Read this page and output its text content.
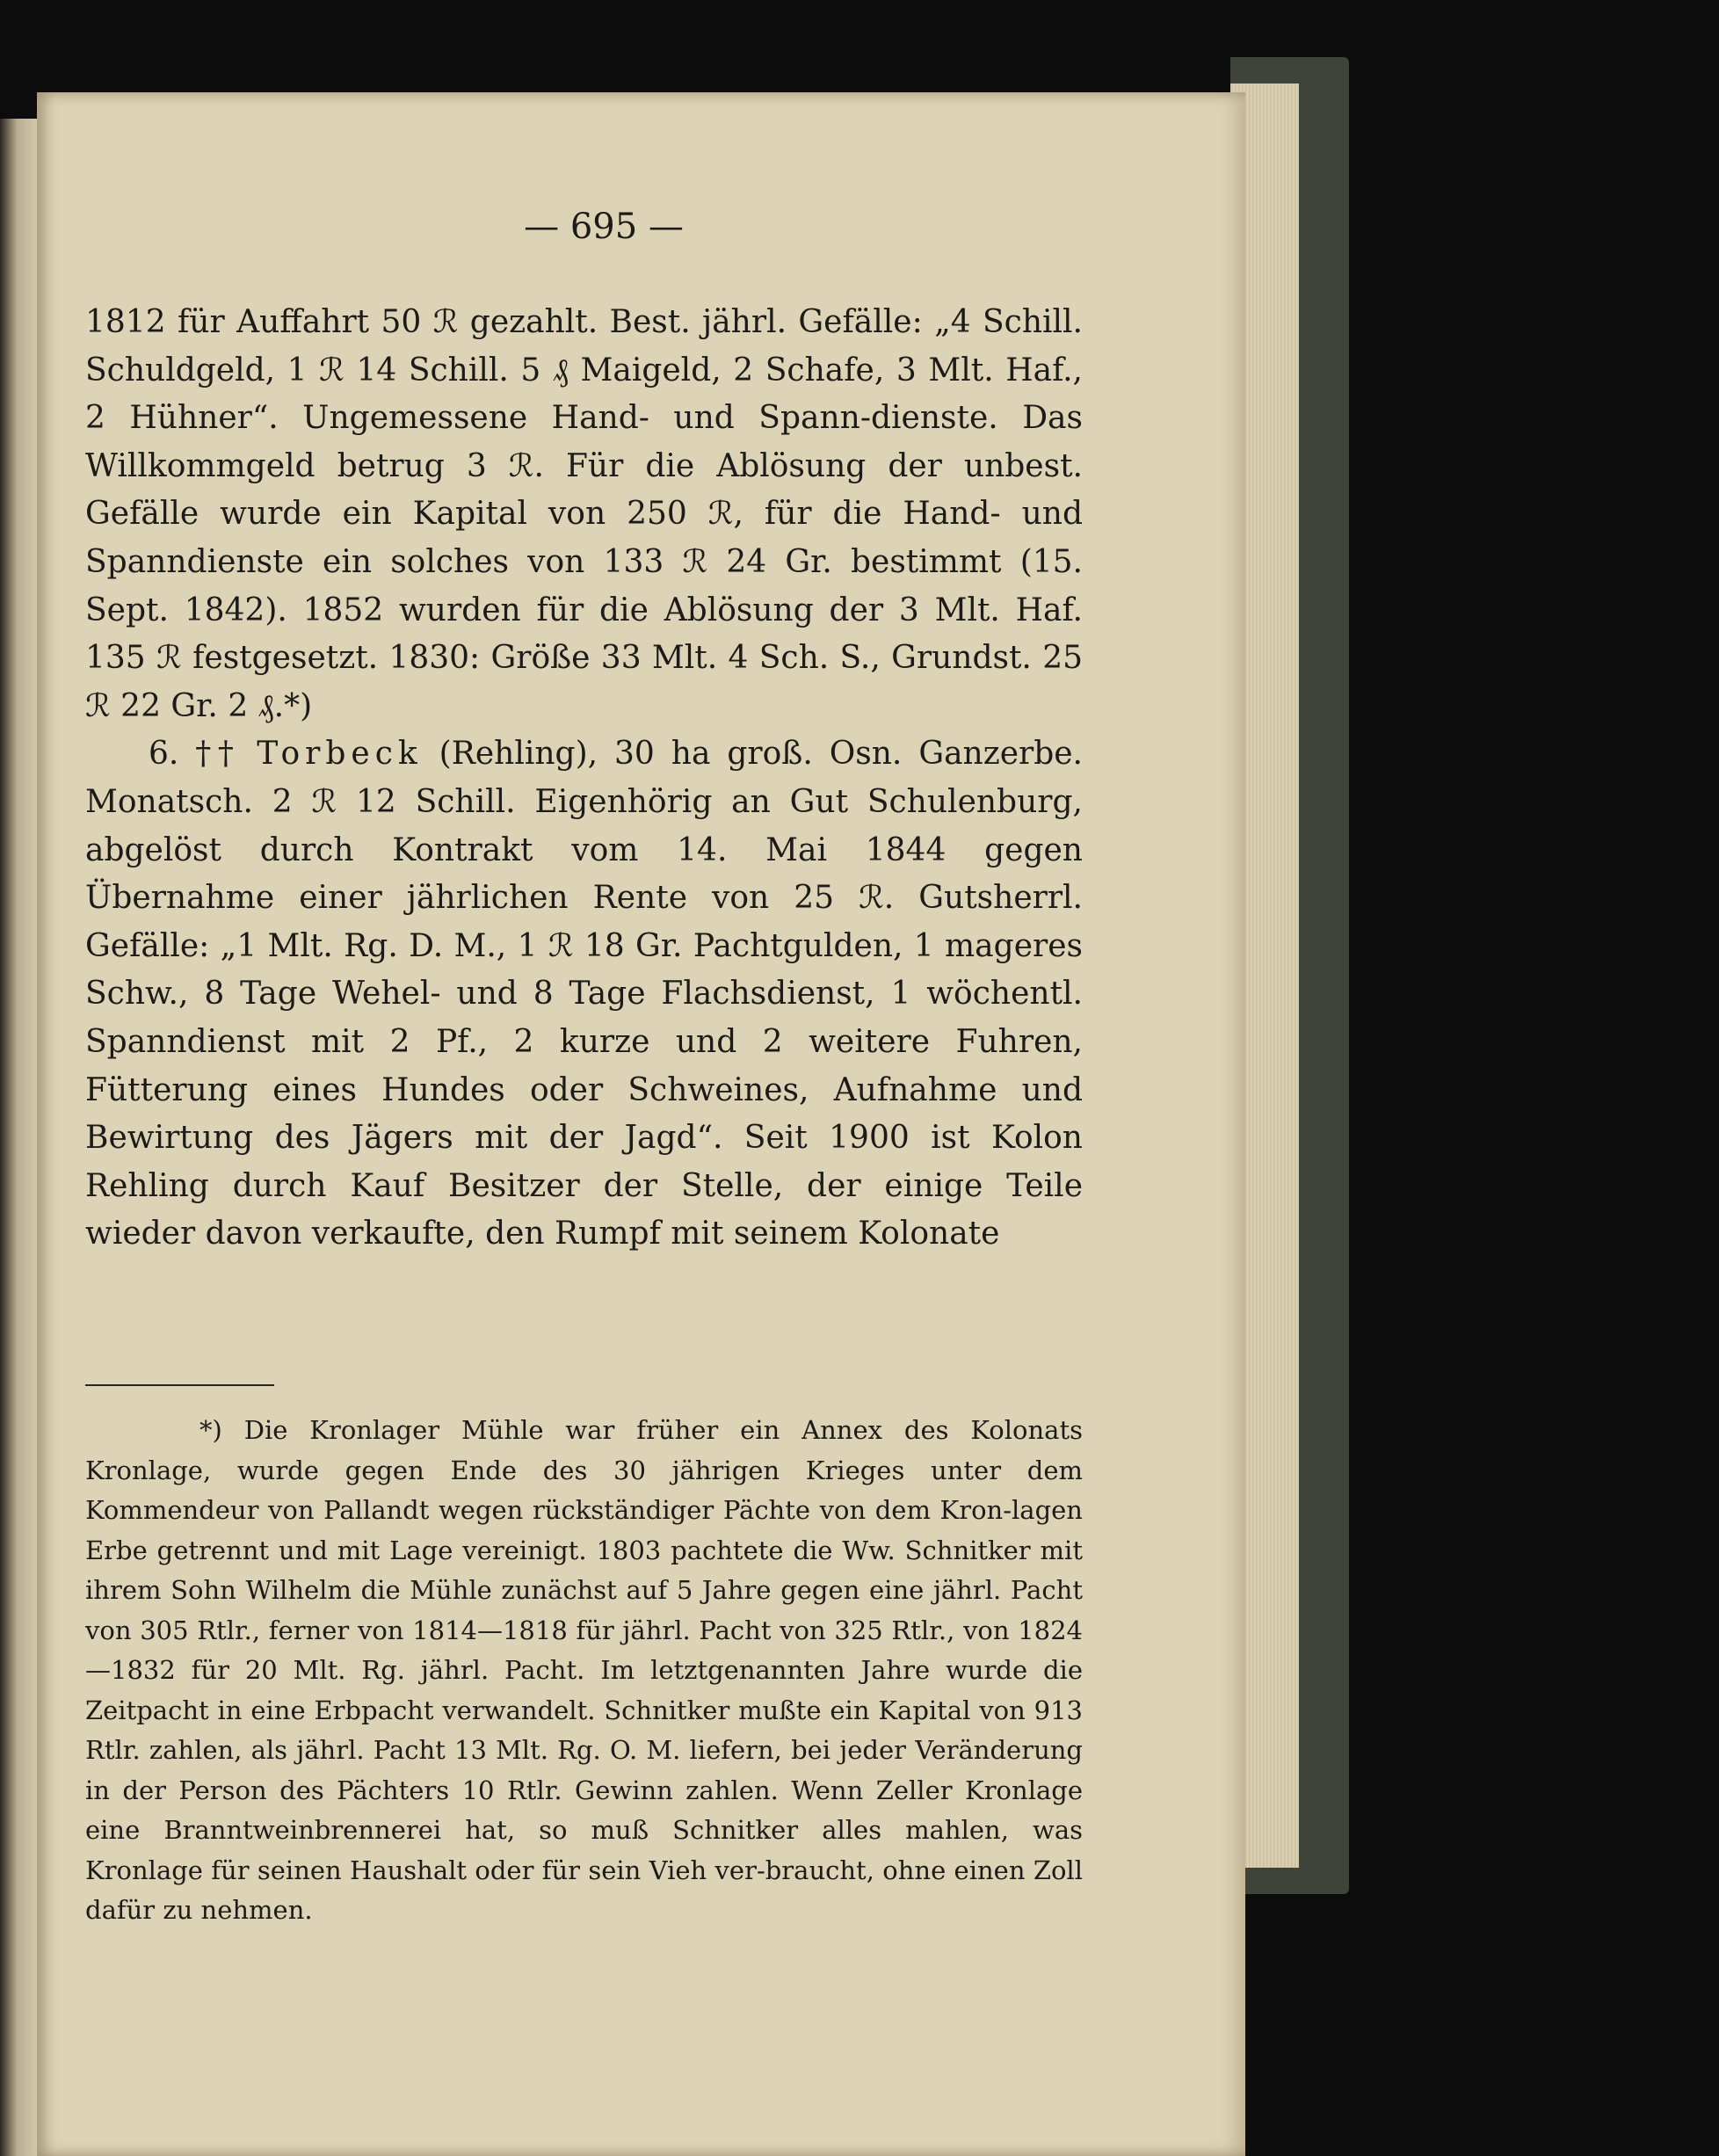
— 695 —

1812 für Auffahrt 50 ℛ gezahlt. Best. jährl. Gefälle: „4 Schill. Schuldgeld, 1 ℛ 14 Schill. 5 ₰ Maigeld, 2 Schafe, 3 Mlt. Haf., 2 Hühner“. Ungemessene Hand- und Spann-dienste. Das Willkommgeld betrug 3 ℛ. Für die Ablösung der unbest. Gefälle wurde ein Kapital von 250 ℛ, für die Hand- und Spanndienste ein solches von 133 ℛ 24 Gr. bestimmt (15. Sept. 1842). 1852 wurden für die Ablösung der 3 Mlt. Haf. 135 ℛ festgesetzt. 1830: Größe 33 Mlt. 4 Sch. S., Grundst. 25 ℛ 22 Gr. 2 ₰.*)

6. †† Torbeck (Rehling), 30 ha groß. Osn. Ganzerbe. Monatsch. 2 ℛ 12 Schill. Eigenhörig an Gut Schulenburg, abgelöst durch Kontrakt vom 14. Mai 1844 gegen Übernahme einer jährlichen Rente von 25 ℛ. Gutsherrl. Gefälle: „1 Mlt. Rg. D. M., 1 ℛ 18 Gr. Pachtgulden, 1 mageres Schw., 8 Tage Wehel- und 8 Tage Flachsdienst, 1 wöchentl. Spanndienst mit 2 Pf., 2 kurze und 2 weitere Fuhren, Fütterung eines Hundes oder Schweines, Aufnahme und Bewirtung des Jägers mit der Jagd“. Seit 1900 ist Kolon Rehling durch Kauf Besitzer der Stelle, der einige Teile wieder davon verkaufte, den Rumpf mit seinem Kolonate

*) Die Kronlager Mühle war früher ein Annex des Kolonats Kronlage, wurde gegen Ende des 30 jährigen Krieges unter dem Kommendeur von Pallandt wegen rückständiger Pächte von dem Kron-lagen Erbe getrennt und mit Lage vereinigt. 1803 pachtete die Ww. Schnitker mit ihrem Sohn Wilhelm die Mühle zunächst auf 5 Jahre gegen eine jährl. Pacht von 305 Rtlr., ferner von 1814—1818 für jährl. Pacht von 325 Rtlr., von 1824—1832 für 20 Mlt. Rg. jährl. Pacht. Im letztgenannten Jahre wurde die Zeitpacht in eine Erbpacht verwandelt. Schnitker mußte ein Kapital von 913 Rtlr. zahlen, als jährl. Pacht 13 Mlt. Rg. O. M. liefern, bei jeder Veränderung in der Person des Pächters 10 Rtlr. Gewinn zahlen. Wenn Zeller Kronlage eine Branntweinbrennerei hat, so muß Schnitker alles mahlen, was Kronlage für seinen Haushalt oder für sein Vieh ver-braucht, ohne einen Zoll dafür zu nehmen.
